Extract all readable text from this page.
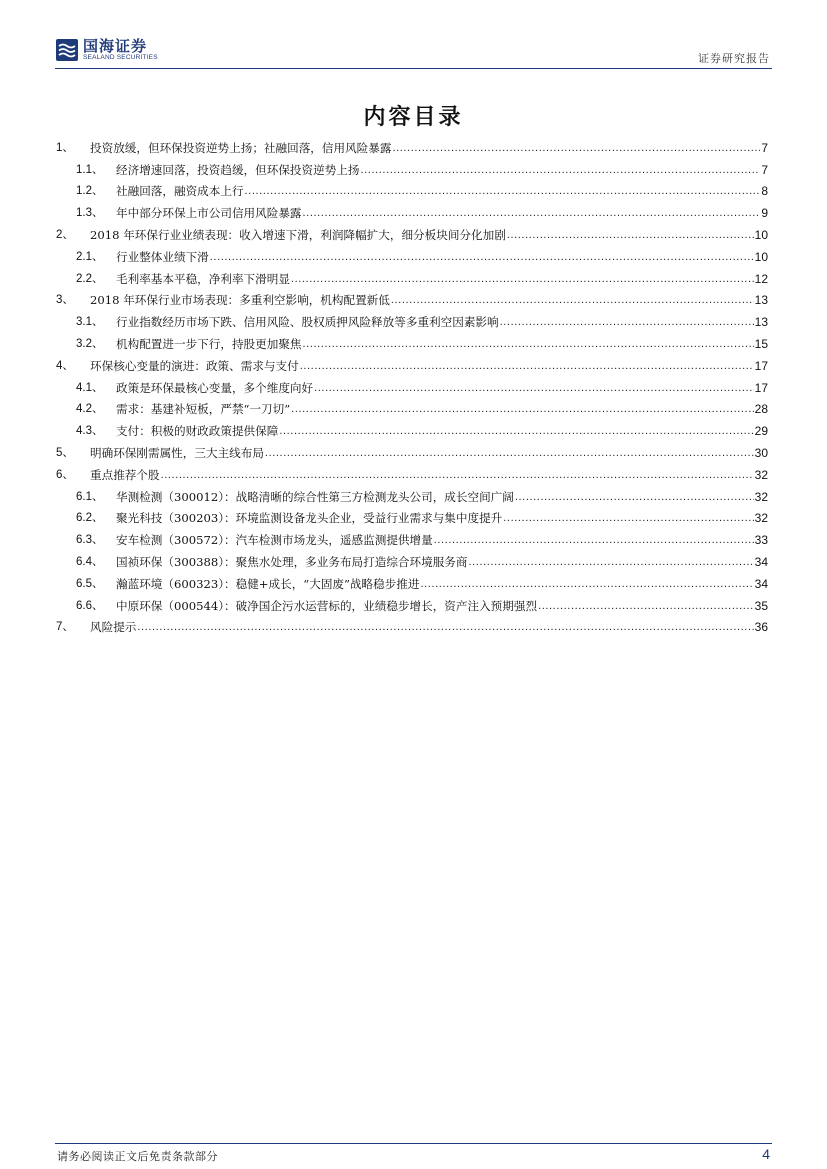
国海证券
SEALAND SECURITIES	证券研究报告
内容目录
1、	投资放缓，但环保投资逆势上扬；社融回落，信用风险暴露 .....	7
1.1、	经济增速回落，投资趋缓，但环保投资逆势上扬 .....	7
1.2、	社融回落，融资成本上行 .....	8
1.3、	年中部分环保上市公司信用风险暴露 .....	9
2、	2018 年环保行业业绩表现：收入增速下滑，利润降幅扩大，细分板块间分化加剧 .....	10
2.1、	行业整体业绩下滑 .....	10
2.2、	毛利率基本平稳，净利率下滑明显 .....	12
3、	2018 年环保行业市场表现：多重利空影响，机构配置新低 .....	13
3.1、	行业指数经历市场下跌、信用风险、股权质押风险释放等多重利空因素影响 .....	13
3.2、	机构配置进一步下行，持股更加聚焦 .....	15
4、	环保核心变量的演进：政策、需求与支付 .....	17
4.1、	政策是环保最核心变量，多个维度向好 .....	17
4.2、	需求：基建补短板，严禁“一刀切” .....	28
4.3、	支付：积极的财政政策提供保障 .....	29
5、	明确环保刚需属性，三大主线布局 .....	30
6、	重点推荐个股 .....	32
6.1、	华测检测（300012）：战略清晰的综合性第三方检测龙头公司，成长空间广阔 .....	32
6.2、	聚光科技（300203）：环境监测设备龙头企业，受益行业需求与集中度提升 .....	32
6.3、	安车检测（300572）：汽车检测市场龙头，遥感监测提供增量 .....	33
6.4、	国祯环保（300388）：聚焦水处理，多业务布局打造综合环境服务商 .....	34
6.5、	瀚蓝环境（600323）：稳健+成长，“大固废”战略稳步推进 .....	34
6.6、	中原环保（000544）：破净国企污水运营标的，业绩稳步增长，资产注入预期强烈 .....	35
7、	风险提示 .....	36
请务必阅读正文后免责条款部分	4
